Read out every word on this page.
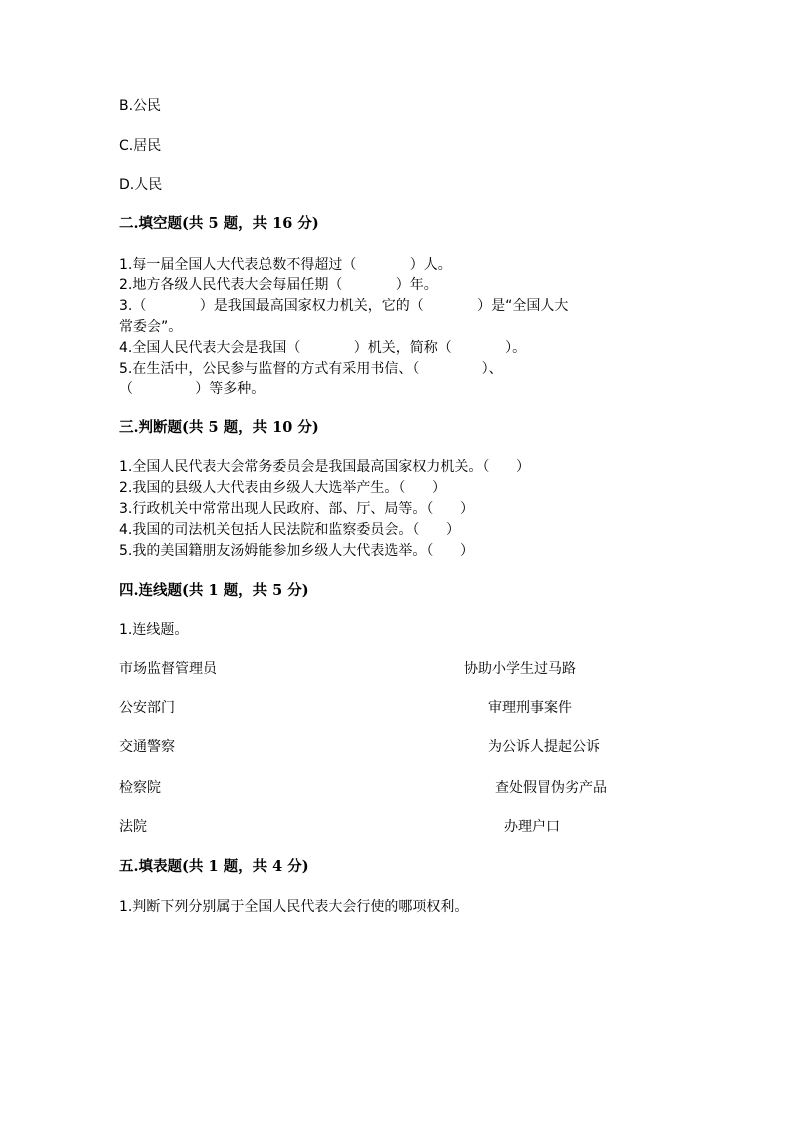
B.公民
C.居民
D.人民
二.填空题(共 5 题，共 16 分)
1.每一届全国人大代表总数不得超过（            ）人。
2.地方各级人民代表大会每届任期（            ）年。
3.（            ）是我国最高国家权力机关，它的（            ）是“全国人大
常委会”。
4.全国人民代表大会是我国（            ）机关，简称（            ）。
5.在生活中，公民参与监督的方式有采用书信、（              ）、
（              ）等多种。
三.判断题(共 5 题，共 10 分)
1.全国人民代表大会常务委员会是我国最高国家权力机关。（      ）
2.我国的县级人大代表由乡级人大选举产生。（      ）
3.行政机关中常常出现人民政府、部、厅、局等。（      ）
4.我国的司法机关包括人民法院和监察委员会。（      ）
5.我的美国籍朋友汤姆能参加乡级人大代表选举。（      ）
四.连线题(共 1 题，共 5 分)
1.连线题。
市场监督管理员	协助小学生过马路
公安部门	审理刑事案件
交通警察	为公诉人提起公诉
检察院	查处假冒伪劣产品
法院	办理户口
五.填表题(共 1 题，共 4 分)
1.判断下列分别属于全国人民代表大会行使的哪项权利。
